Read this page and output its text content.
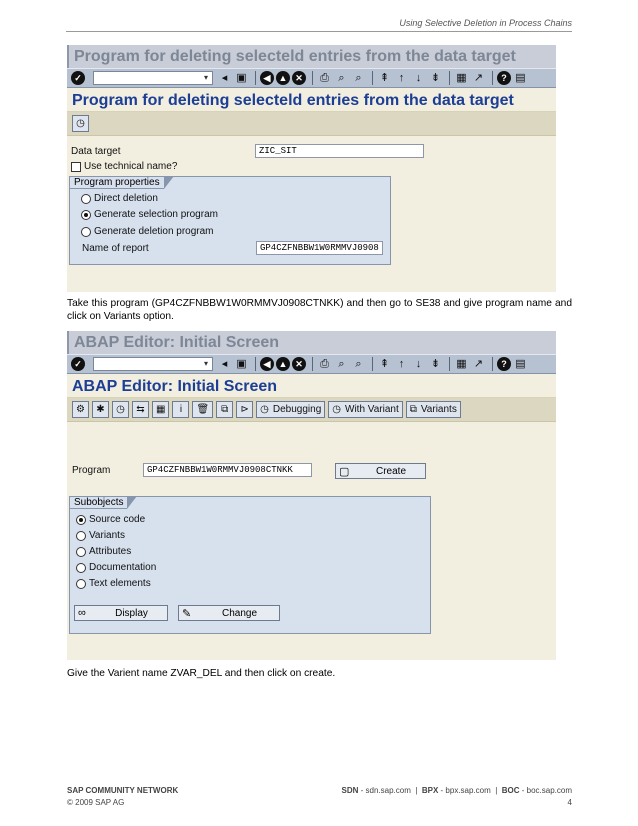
Using Selective Deletion in Process Chains
Program for deleting selecteld entries from the data target
✓	▾	◂ ▣	◀ ▲ ✕ ⎙ ⌕ ⌕	⇞ ↑	↓ ⇟ ▦ ↗	? ▤
Program for deleting selecteld entries from the data target
◷
Data target	ZIC_SIT
Use technical name?
Program properties
Direct deletion
Generate selection program
Generate deletion program
Name of report	GP4CZFNBBW1W0RMMVJ0908
Take this program (GP4CZFNBBW1W0RMMVJ0908CTNKK) and then go to SE38 and give program name and click on Variants option.
ABAP Editor: Initial Screen
✓	▾	◂ ▣	◀ ▲ ✕ ⎙ ⌕ ⌕	⇞ ↑	↓ ⇟ ▦ ↗	? ▤
ABAP Editor: Initial Screen
⚙	✱	◷	⇆	▦	i	🗑	⧉	⊳	◷ Debugging ◷ With Variant ⧉ Variants
Program	GP4CZFNBBW1W0RMMVJ0908CTNKK	▢	Create
Subobjects
Source code
Variants
Attributes
Documentation
Text elements
∞	Display	✎	Change
Give the Varient name ZVAR_DEL and then click on create.
SAP COMMUNITY NETWORK	SDN - sdn.sap.com  |  BPX - bpx.sap.com  |  BOC - boc.sap.com
© 2009 SAP AG	4
